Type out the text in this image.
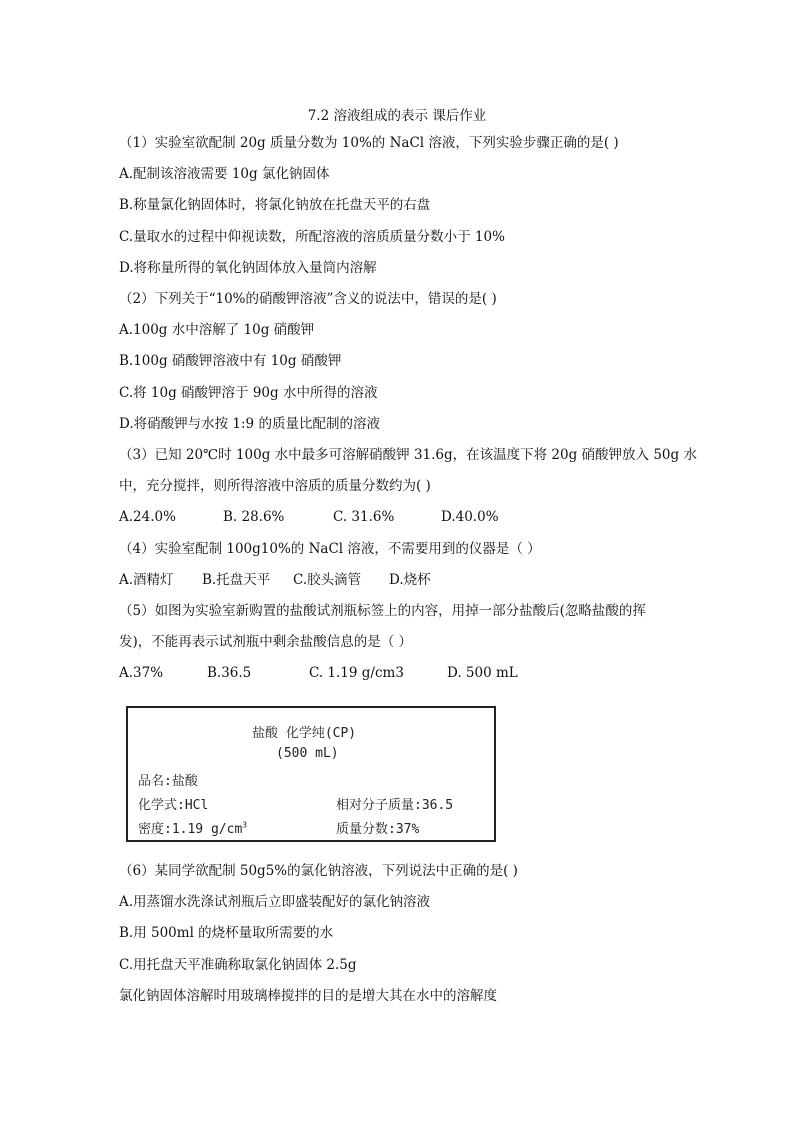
7.2 溶液组成的表示 课后作业
（1）实验室欲配制 20g 质量分数为 10%的 NaCl 溶液，下列实验步骤正确的是( )
A.配制该溶液需要 10g 氯化钠固体
B.称量氯化钠固体时，将氯化钠放在托盘天平的右盘
C.量取水的过程中仰视读数，所配溶液的溶质质量分数小于 10%
D.将称量所得的氧化钠固体放入量筒内溶解
（2）下列关于“10%的硝酸钾溶液”含义的说法中，错误的是( )
A.100g 水中溶解了 10g 硝酸钾
B.100g 硝酸钾溶液中有 10g 硝酸钾
C.将 10g 硝酸钾溶于 90g 水中所得的溶液
D.将硝酸钾与水按 1:9 的质量比配制的溶液
（3）已知 20℃时 100g 水中最多可溶解硝酸钾 31.6g，在该温度下将 20g 硝酸钾放入 50g 水
中，充分搅拌，则所得溶液中溶质的质量分数约为( )
A.24.0%	B. 28.6%	C. 31.6%	D.40.0%
（4）实验室配制 100g10%的 NaCl 溶液，不需要用到的仪器是（ ）
A.酒精灯 B.托盘天平 C.胶头滴管 D.烧杯
（5）如图为实验室新购置的盐酸试剂瓶标签上的内容，用掉一部分盐酸后(忽略盐酸的挥
发)，不能再表示试剂瓶中剩余盐酸信息的是（ ）
A.37%	B.36.5	C. 1.19 g/cm3	D. 500 mL
盐酸 化学纯(CP)
(500 mL)
品名:盐酸
化学式:HCl	相对分子质量:36.5
密度:1.19 $g/cm^3$	质量分数:37%
（6）某同学欲配制 50g5%的氯化钠溶液，下列说法中正确的是( )
A.用蒸馏水洗涤试剂瓶后立即盛装配好的氯化钠溶液
B.用 500ml 的烧杯量取所需要的水
C.用托盘天平准确称取氯化钠固体 2.5g
氯化钠固体溶解时用玻璃棒搅拌的目的是增大其在水中的溶解度
